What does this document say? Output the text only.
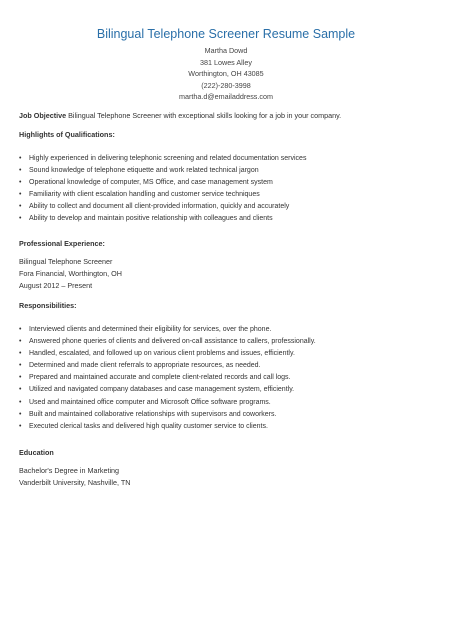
Bilingual Telephone Screener Resume Sample
Martha Dowd
381 Lowes Alley
Worthington, OH 43085
(222)-280-3998
martha.d@emailaddress.com
Job Objective Bilingual Telephone Screener with exceptional skills looking for a job in your company.
Highlights of Qualifications:
• Highly experienced in delivering telephonic screening and related documentation services
• Sound knowledge of telephone etiquette and work related technical jargon
• Operational knowledge of computer, MS Office, and case management system
• Familiarity with client escalation handling and customer service techniques
• Ability to collect and document all client-provided information, quickly and accurately
• Ability to develop and maintain positive relationship with colleagues and clients
Professional Experience:
Bilingual Telephone Screener
Fora Financial, Worthington, OH
August 2012 – Present
Responsibilities:
• Interviewed clients and determined their eligibility for services, over the phone.
• Answered phone queries of clients and delivered on-call assistance to callers, professionally.
• Handled, escalated, and followed up on various client problems and issues, efficiently.
• Determined and made client referrals to appropriate resources, as needed.
• Prepared and maintained accurate and complete client-related records and call logs.
• Utilized and navigated company databases and case management system, efficiently.
• Used and maintained office computer and Microsoft Office software programs.
• Built and maintained collaborative relationships with supervisors and coworkers.
• Executed clerical tasks and delivered high quality customer service to clients.
Education
Bachelor's Degree in Marketing
Vanderbilt University, Nashville, TN
